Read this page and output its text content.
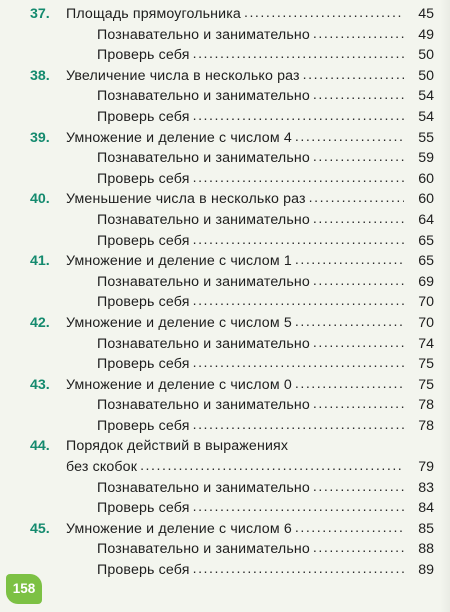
37.	Площадь прямоугольника . . .	45
Познавательно и занимательно . . .	49
Проверь себя . . .	50
38.	Увеличение числа в несколько раз . . .	50
Познавательно и занимательно . . .	54
Проверь себя . . .	54
39.	Умножение и деление с числом 4 . . .	55
Познавательно и занимательно . . .	59
Проверь себя . . .	60
40.	Уменьшение числа в несколько раз . . .	60
Познавательно и занимательно . . .	64
Проверь себя . . .	65
41.	Умножение и деление с числом 1 . . .	65
Познавательно и занимательно . . .	69
Проверь себя . . .	70
42.	Умножение и деление с числом 5 . . .	70
Познавательно и занимательно . . .	74
Проверь себя . . .	75
43.	Умножение и деление с числом 0 . . .	75
Познавательно и занимательно . . .	78
Проверь себя . . .	78
44.	Порядок действий в выражениях
без скобок . . .	79
Познавательно и занимательно . . .	83
Проверь себя . . .	84
45.	Умножение и деление с числом 6 . . .	85
Познавательно и занимательно . . .	88
Проверь себя . . .	89
158
